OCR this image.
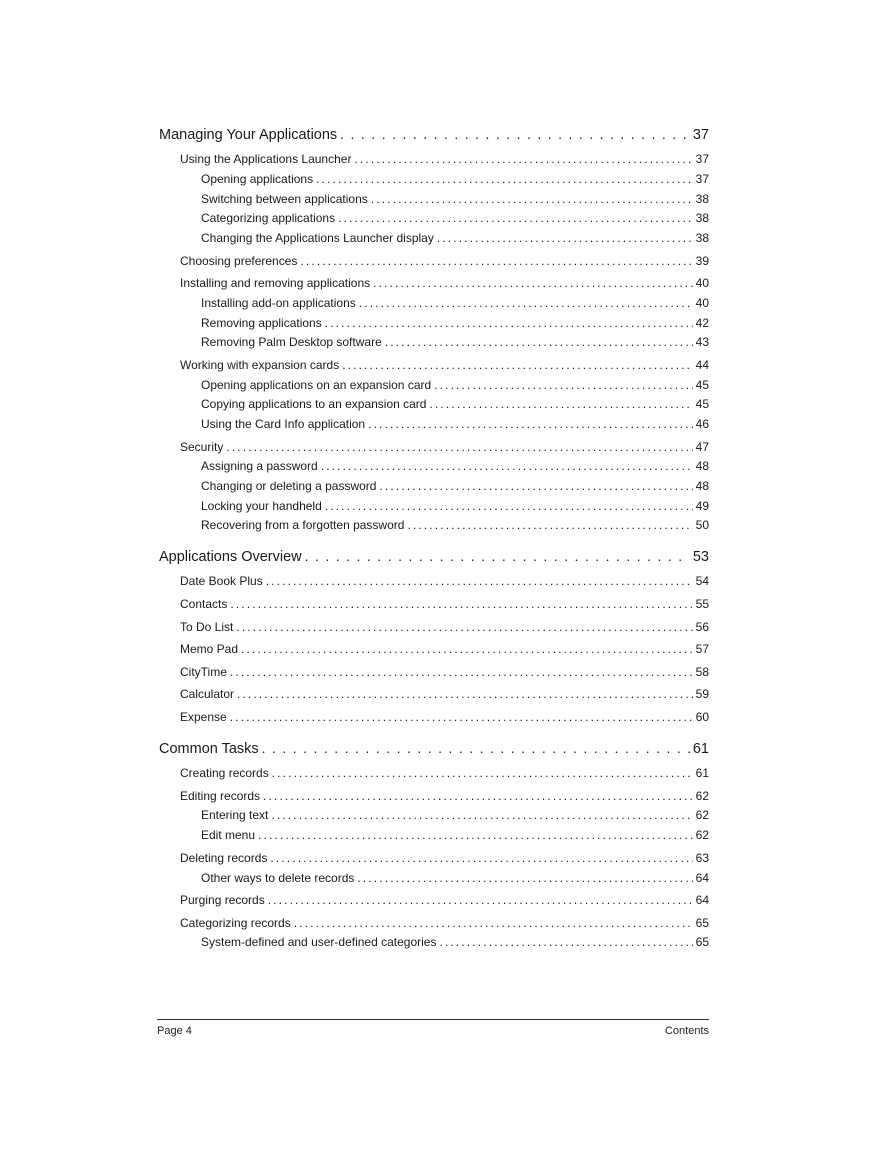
Managing Your Applications . . .	37
Using the Applications Launcher . . .	37
Opening applications . . .	37
Switching between applications . . .	38
Categorizing applications . . .	38
Changing the Applications Launcher display . . .	38
Choosing preferences . . .	39
Installing and removing applications . . .	40
Installing add-on applications . . .	40
Removing applications . . .	42
Removing Palm Desktop software . . .	43
Working with expansion cards . . .	44
Opening applications on an expansion card . . .	45
Copying applications to an expansion card . . .	45
Using the Card Info application . . .	46
Security . . .	47
Assigning a password . . .	48
Changing or deleting a password . . .	48
Locking your handheld . . .	49
Recovering from a forgotten password . . .	50
Applications Overview . . .	53
Date Book Plus . . .	54
Contacts . . .	55
To Do List . . .	56
Memo Pad . . .	57
CityTime . . .	58
Calculator . . .	59
Expense . . .	60
Common Tasks . . .	61
Creating records . . .	61
Editing records . . .	62
Entering text . . .	62
Edit menu . . .	62
Deleting records . . .	63
Other ways to delete records . . .	64
Purging records . . .	64
Categorizing records . . .	65
System-defined and user-defined categories . . .	65
Page 4	Contents
